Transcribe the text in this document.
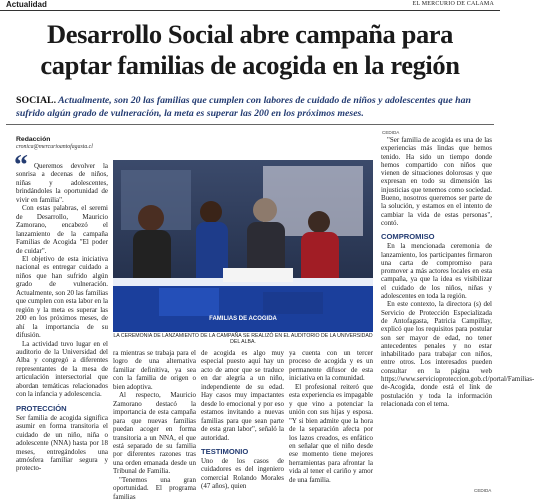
Actualidad	EL MERCURIO DE CALAMA
Desarrollo Social abre campaña para
captar familias de acogida en la región
SOCIAL. Actualmente, son 20 las familias que cumplen con labores de cuidado de niños y adolescentes que han sufrido algún grado de vulneración, la meta es superar las 200 en los próximos meses.
Redacción
cronica@mercurioantofagasta.cl
“
CEDIDA

Queremos devolver la sonrisa a decenas de niños, niñas y adolescentes, brindándoles la oportunidad de vivir en familia".

Con estas palabras, el seremi de Desarrollo, Mauricio Zamorano, encabezó el lanzamiento de la campaña Familias de Acogida "El poder de cuidar".

El objetivo de esta iniciativa nacional es entregar cuidado a niños que han sufrido algún grado de vulneración. Actualmente, son 20 las familias que cumplen con esta labor en la región y la meta es superar las 200 en los próximos meses, de ahí la importancia de su difusión.

La actividad tuvo lugar en el auditorio de la Universidad del Alba y congregó a diferentes representantes de la mesa de articulación intersectorial que abordan temáticas relacionados con la infancia y adolescencia.

PROTECCIÓN

Ser familia de acogida significa asumir en forma transitoria el cuidado de un niño, niña o adolescente (NNA) hasta por 18 meses, entregándoles una atmósfera familiar segura y protecto-

FAMILIAS DE ACOGIDA
LA CEREMONIA DE LANZAMIENTO DE LA CAMPAÑA SE REALIZÓ EN EL AUDITORIO DE LA UNIVERSIDAD DEL ALBA.

ra mientras se trabaja para el logro de una alternativa familiar definitiva, ya sea con la familia de origen o bien adoptiva.

Al respecto, Mauricio Zamorano destacó la importancia de esta campaña para que nuevas familias puedan acoger en forma transitoria a un NNA, el que está separado de su familia por diferentes razones tras una orden emanada desde un Tribunal de Familia.

"Tenemos una gran oportunidad. El programa familias

de acogida es algo muy especial puesto aquí hay un acto de amor que se traduce en dar alegría a un niño, independiente de su edad. Hay casos muy impactantes desde lo emocional y por eso estamos invitando a nuevas familias para que sean parte de esta gran labor", señaló la autoridad.

TESTIMONIO

Uno de los casos de cuidadores es del ingeniero comercial Rolando Morales (47 años), quien

ya cuenta con un tercer proceso de acogida y es un permanente difusor de esta iniciativa en la comunidad.

El profesional reiteró que esta experiencia es impagable y que vino a potenciar la unión con sus hijas y esposa. "Y si bien admite que la hora de la separación afecta por los lazos creados, es enfático en señalar que el niño desde ese momento tiene mejores herramientas para afrontar la vida al tener el cariño y amor de una familia.

"Ser familia de acogida es una de las experiencias más lindas que hemos tenido. Ha sido un tiempo donde hemos compartido con niños que vienen de situaciones dolorosas y que expresan en todo su dimensión las injusticias que tenemos como sociedad. Bueno, nosotros queremos ser parte de la solución, y estamos en el intento de cambiar la vida de estas personas", contó.

COMPROMISO

En la mencionada ceremonia de lanzamiento, los participantes firmaron una carta de compromiso para promover a más actores locales en esta campaña, ya que la idea es visibilizar el cuidado de los niños, niñas y adolescentes en toda la región.

En este contexto, la directora (s) del Servicio de Protección Especializada de Antofagasta, Patricia Campillay, explicó que los requisitos para postular son ser mayor de edad, no tener antecedentes penales y no estar inhabilitado para trabajar con niños, entre otros. Los interesados pueden consultar en la página web https://www.servicioproteccion.gob.cl/portal/Familias-de-Acogida, donde está el link de postulación y toda la información relacionada con el tema.

CEDIDA
